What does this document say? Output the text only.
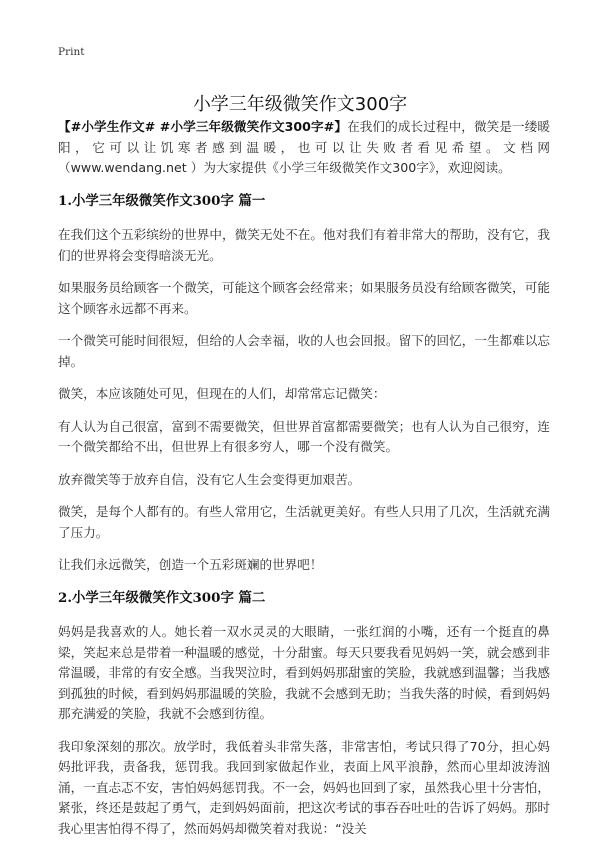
Print
小学三年级微笑作文300字

【#小学生作文# #小学三年级微笑作文300字#】在我们的成长过程中，微笑是一缕暖阳，它可以让饥寒者感到温暖，也可以让失败者看见希望。文档网（www.wendang.net ）为大家提供《小学三年级微笑作文300字》，欢迎阅读。

1.小学三年级微笑作文300字 篇一

在我们这个五彩缤纷的世界中，微笑无处不在。他对我们有着非常大的帮助，没有它，我们的世界将会变得暗淡无光。

如果服务员给顾客一个微笑，可能这个顾客会经常来；如果服务员没有给顾客微笑，可能这个顾客永远都不再来。

一个微笑可能时间很短，但给的人会幸福，收的人也会回报。留下的回忆，一生都难以忘掉。

微笑，本应该随处可见，但现在的人们，却常常忘记微笑：

有人认为自己很富，富到不需要微笑，但世界首富都需要微笑；也有人认为自己很穷，连一个微笑都给不出，但世界上有很多穷人，哪一个没有微笑。

放弃微笑等于放弃自信，没有它人生会变得更加艰苦。

微笑，是每个人都有的。有些人常用它，生活就更美好。有些人只用了几次，生活就充满了压力。

让我们永远微笑，创造一个五彩斑斓的世界吧！

2.小学三年级微笑作文300字 篇二

妈妈是我喜欢的人。她长着一双水灵灵的大眼睛，一张红润的小嘴，还有一个挺直的鼻梁，笑起来总是带着一种温暖的感觉，十分甜蜜。每天只要我看见妈妈一笑，就会感到非常温暖，非常的有安全感。当我哭泣时，看到妈妈那甜蜜的笑脸，我就感到温馨；当我感到孤独的时候，看到妈妈那温暖的笑脸，我就不会感到无助；当我失落的时候，看到妈妈那充满爱的笑脸，我就不会感到彷徨。

我印象深刻的那次。放学时，我低着头非常失落，非常害怕，考试只得了70分，担心妈妈批评我，责备我，惩罚我。我回到家做起作业，表面上风平浪静，然而心里却波涛汹涌，一直忐忑不安，害怕妈妈惩罚我。不一会，妈妈也回到了家，虽然我心里十分害怕，紧张，终还是鼓起了勇气，走到妈妈面前，把这次考试的事吞吞吐吐的告诉了妈妈。那时我心里害怕得不得了，然而妈妈却微笑着对我说：“没关
